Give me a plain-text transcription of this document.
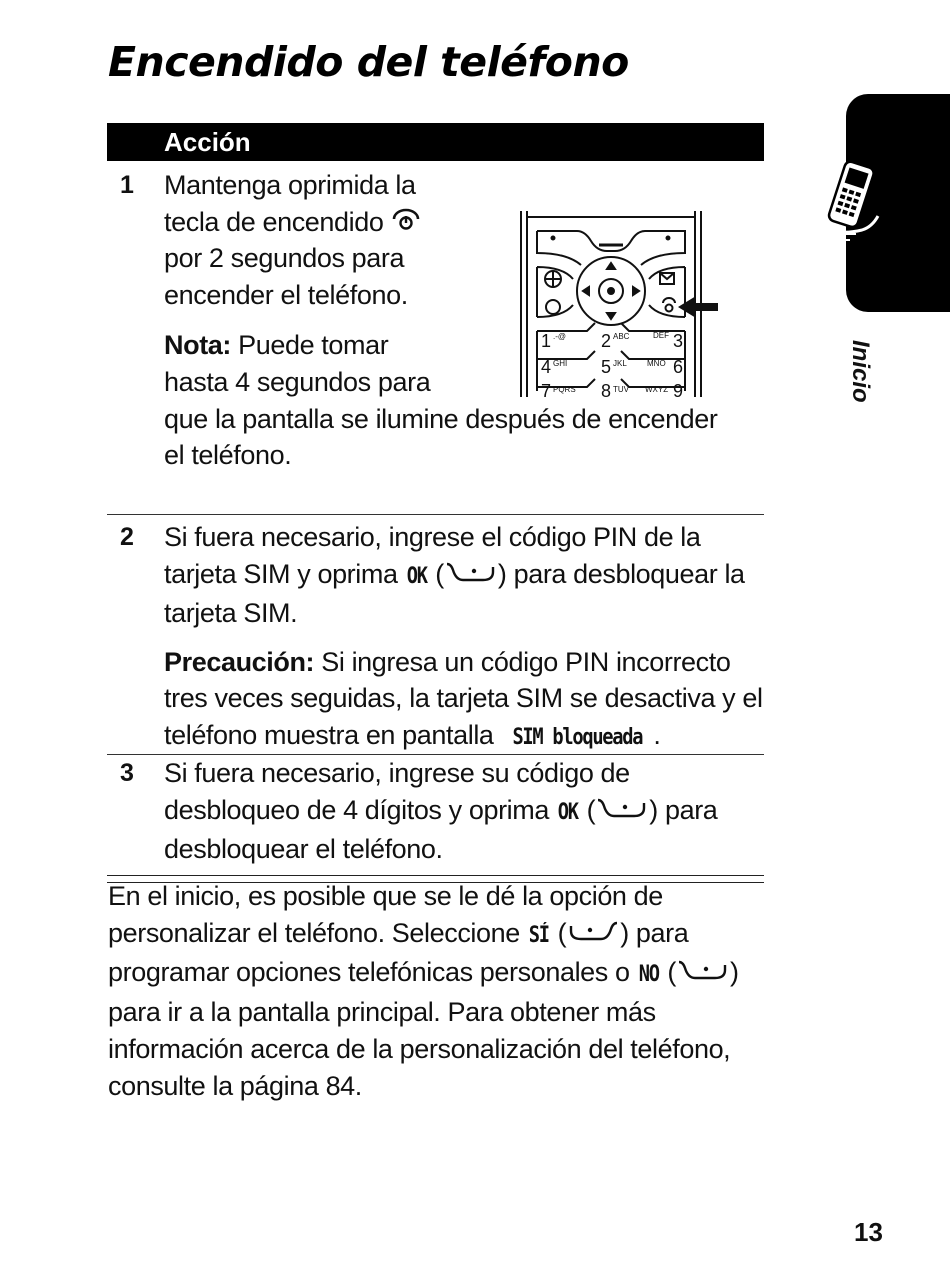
Encendido del teléfono
Acción
1 Mantenga oprimida la
tecla de encendido
por 2 segundos para
encender el teléfono.
Nota: Puede tomar
hasta 4 segundos para
que la pantalla se ilumine después de encender
el teléfono.
1 .-@ 2 ABC	DEF 3
4 GHI 5 JKL	MNO 6
7 PQRS 8 TUV WXYZ 9
2 Si fuera necesario, ingrese el código PIN de la tarjeta SIM y oprima OK ( ) para desbloquear la tarjeta SIM.

Precaución: Si ingresa un código PIN incorrecto tres veces seguidas, la tarjeta SIM se desactiva y el teléfono muestra en pantalla SIM bloqueada .

3 Si fuera necesario, ingrese su código de desbloqueo de 4 dígitos y oprima OK ( ) para desbloquear el teléfono.

En el inicio, es posible que se le dé la opción de personalizar el teléfono. Seleccione SÍ ( ) para programar opciones telefónicas personales o NO ( ) para ir a la pantalla principal. Para obtener más información acerca de la personalización del teléfono, consulte la página 84.

Inicio
13
